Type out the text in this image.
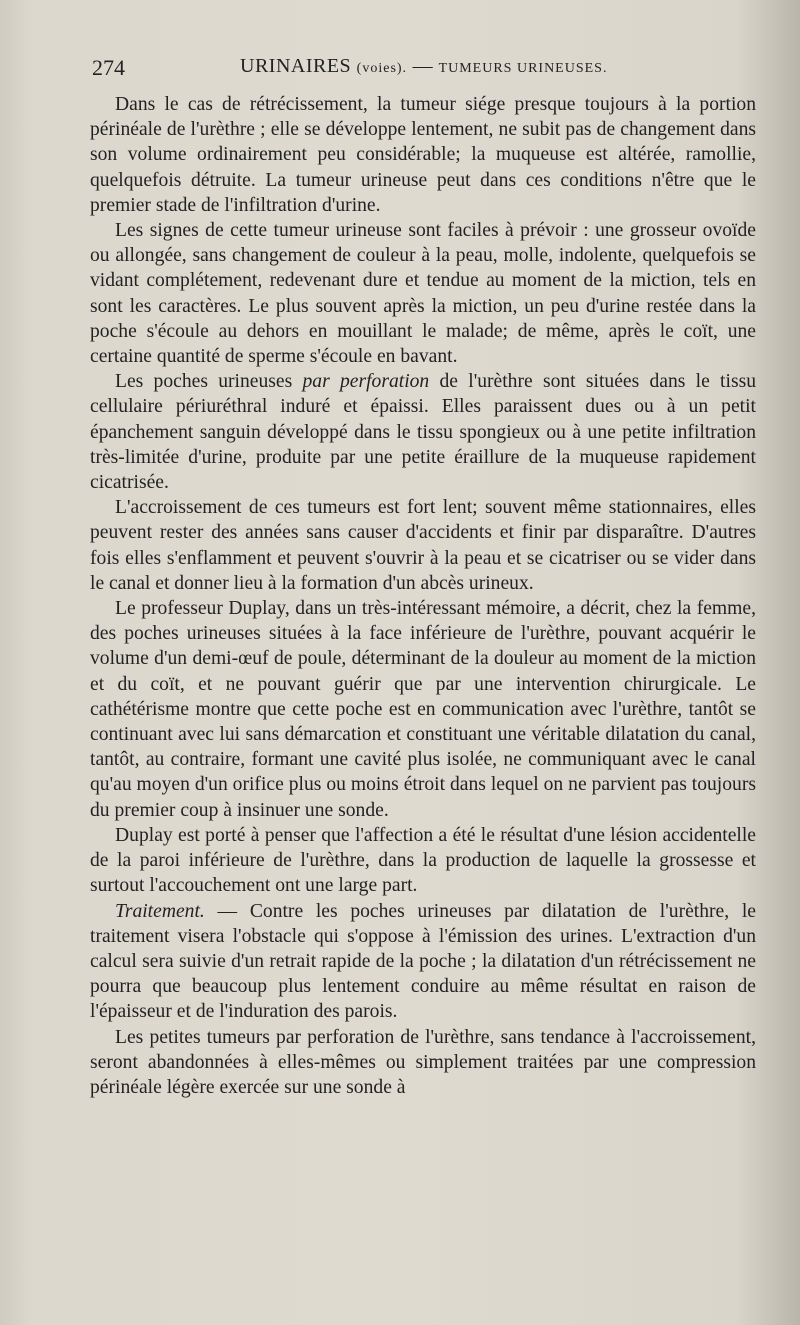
274	URINAIRES (voies). — TUMEURS URINEUSES.

Dans le cas de rétrécissement, la tumeur siége presque toujours à la portion périnéale de l'urèthre ; elle se développe lentement, ne subit pas de changement dans son volume ordinairement peu considérable; la muqueuse est altérée, ramollie, quelquefois détruite. La tumeur urineuse peut dans ces conditions n'être que le premier stade de l'infiltration d'urine.

Les signes de cette tumeur urineuse sont faciles à prévoir : une grosseur ovoïde ou allongée, sans changement de couleur à la peau, molle, indolente, quelquefois se vidant complétement, redevenant dure et tendue au moment de la miction, tels en sont les caractères. Le plus souvent après la miction, un peu d'urine restée dans la poche s'écoule au dehors en mouillant le malade; de même, après le coït, une certaine quantité de sperme s'écoule en bavant.

Les poches urineuses par perforation de l'urèthre sont situées dans le tissu cellulaire périuréthral induré et épaissi. Elles paraissent dues ou à un petit épanchement sanguin développé dans le tissu spongieux ou à une petite infiltration très-limitée d'urine, produite par une petite éraillure de la muqueuse rapidement cicatrisée.

L'accroissement de ces tumeurs est fort lent; souvent même stationnaires, elles peuvent rester des années sans causer d'accidents et finir par disparaître. D'autres fois elles s'enflamment et peuvent s'ouvrir à la peau et se cicatriser ou se vider dans le canal et donner lieu à la formation d'un abcès urineux.

Le professeur Duplay, dans un très-intéressant mémoire, a décrit, chez la femme, des poches urineuses situées à la face inférieure de l'urèthre, pouvant acquérir le volume d'un demi-œuf de poule, déterminant de la douleur au moment de la miction et du coït, et ne pouvant guérir que par une intervention chirurgicale. Le cathétérisme montre que cette poche est en communication avec l'urèthre, tantôt se continuant avec lui sans démarcation et constituant une véritable dilatation du canal, tantôt, au contraire, formant une cavité plus isolée, ne communiquant avec le canal qu'au moyen d'un orifice plus ou moins étroit dans lequel on ne parvient pas toujours du premier coup à insinuer une sonde.

Duplay est porté à penser que l'affection a été le résultat d'une lésion accidentelle de la paroi inférieure de l'urèthre, dans la production de laquelle la grossesse et surtout l'accouchement ont une large part.

Traitement. — Contre les poches urineuses par dilatation de l'urèthre, le traitement visera l'obstacle qui s'oppose à l'émission des urines. L'extraction d'un calcul sera suivie d'un retrait rapide de la poche ; la dilatation d'un rétrécissement ne pourra que beaucoup plus lentement conduire au même résultat en raison de l'épaisseur et de l'induration des parois.

Les petites tumeurs par perforation de l'urèthre, sans tendance à l'accroissement, seront abandonnées à elles-mêmes ou simplement traitées par une compression périnéale légère exercée sur une sonde à
